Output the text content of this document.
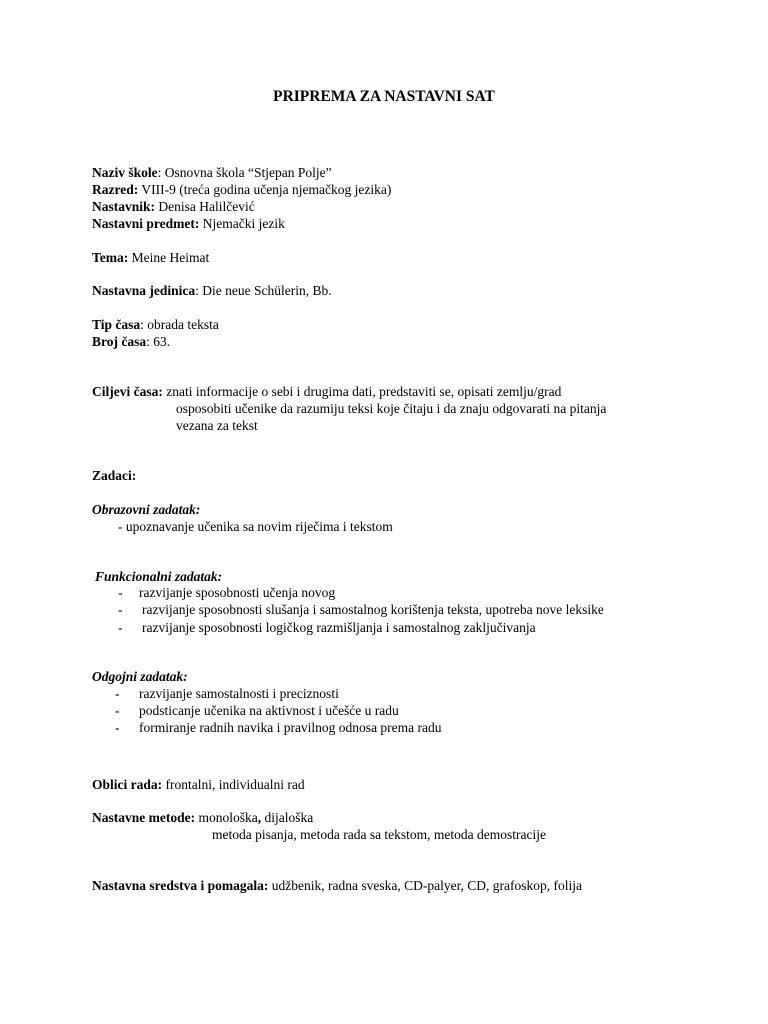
PRIPREMA ZA NASTAVNI SAT
Naziv škole: Osnovna škola “Stjepan Polje”
Razred: VIII-9 (treća godina učenja njemačkog jezika)
Nastavnik: Denisa Halilčević
Nastavni predmet: Njemački jezik
Tema: Meine Heimat
Nastavna jedinica: Die neue Schülerin, Bb.
Tip časa: obrada teksta
Broj časa: 63.
Ciljevi časa: znati informacije o sebi i drugima dati, predstaviti se, opisati zemlju/grad
osposobiti učenike da razumiju teksi koje čitaju i da znaju odgovarati na pitanja
vezana za tekst
Zadaci:
Obrazovni zadatak:
- upoznavanje učenika sa novim riječima i tekstom
Funkcionalni zadatak:
- razvijanje sposobnosti učenja novog
- razvijanje sposobnosti slušanja i samostalnog korištenja teksta, upotreba nove leksike
- razvijanje sposobnosti logičkog razmišljanja i samostalnog zaključivanja
Odgojni zadatak:
- razvijanje samostalnosti i preciznosti
- podsticanje učenika na aktivnost i učešće u radu
- formiranje radnih navika i pravilnog odnosa prema radu
Oblici rada: frontalni, individualni rad
Nastavne metode: monološka, dijaloška
metoda pisanja, metoda rada sa tekstom, metoda demostracije
Nastavna sredstva i pomagala: udžbenik, radna sveska, CD-palyer, CD, grafoskop, folija
